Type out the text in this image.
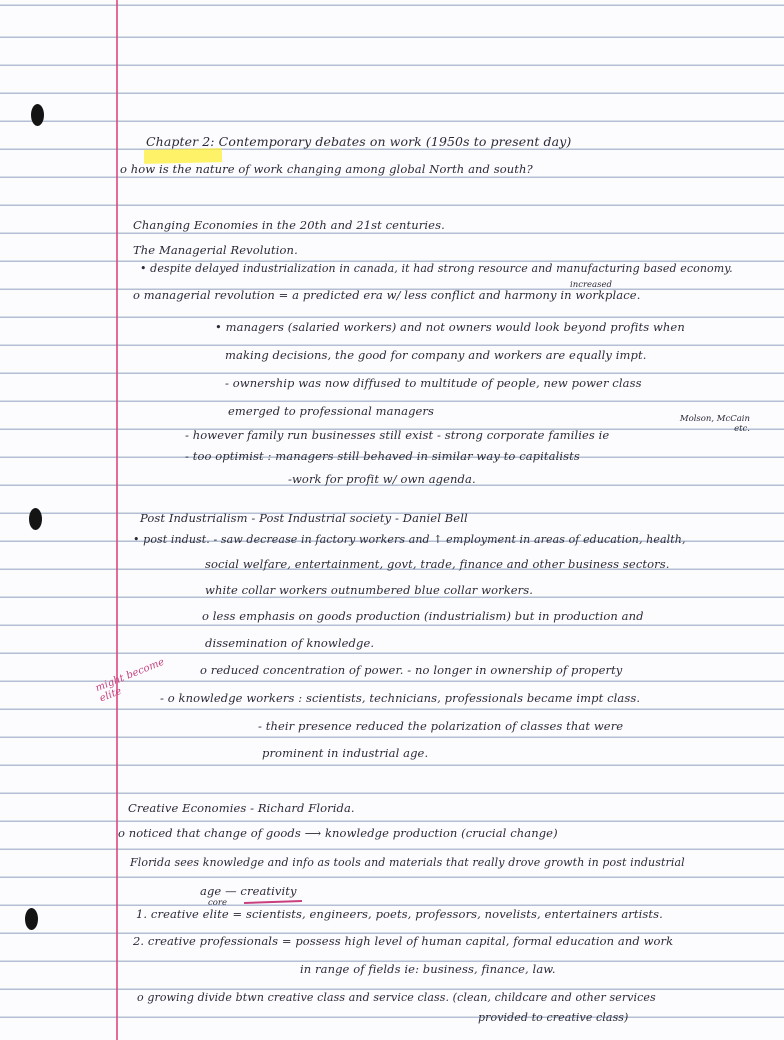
Chapter 2: Contemporary debates on work (1950s to present day)
o how is the nature of work changing among global North and south?
Changing Economies in the 20th and 21st centuries.
The Managerial Revolution.
• despite delayed industrialization in canada, it had strong resource and manufacturing based economy.
increased
o managerial revolution = a predicted era w/ less conflict and harmony in workplace.
• managers (salaried workers) and not owners would look beyond profits when
making decisions, the good for company and workers are equally impt.
- ownership was now diffused to multitude of people, new power class
emerged to professional managers
- however family run businesses still exist - strong corporate families ie
Molson, McCain etc.
- too optimist : managers still behaved in similar way to capitalists
-work for profit w/ own agenda.
Post Industrialism - Post Industrial society - Daniel Bell
• post indust. - saw decrease in factory workers and ↑ employment in areas of education, health,
social welfare, entertainment, govt, trade, finance and other business sectors.
white collar workers outnumbered blue collar workers.
o less emphasis on goods production (industrialism) but in production and
dissemination of knowledge.
o reduced concentration of power. - no longer in ownership of property
might become elite	- o knowledge workers : scientists, technicians, professionals became impt class.
- their presence reduced the polarization of classes that were
prominent in industrial age.
Creative Economies - Richard Florida.
o noticed that change of goods ⟶ knowledge production (crucial change)
Florida sees knowledge and info as tools and materials that really drove growth in post industrial
age — creativity
core
1. creative elite = scientists, engineers, poets, professors, novelists, entertainers artists.
2. creative professionals = possess high level of human capital, formal education and work
in range of fields ie: business, finance, law.
o growing divide btwn creative class and service class. (clean, childcare and other services
provided to creative class)
